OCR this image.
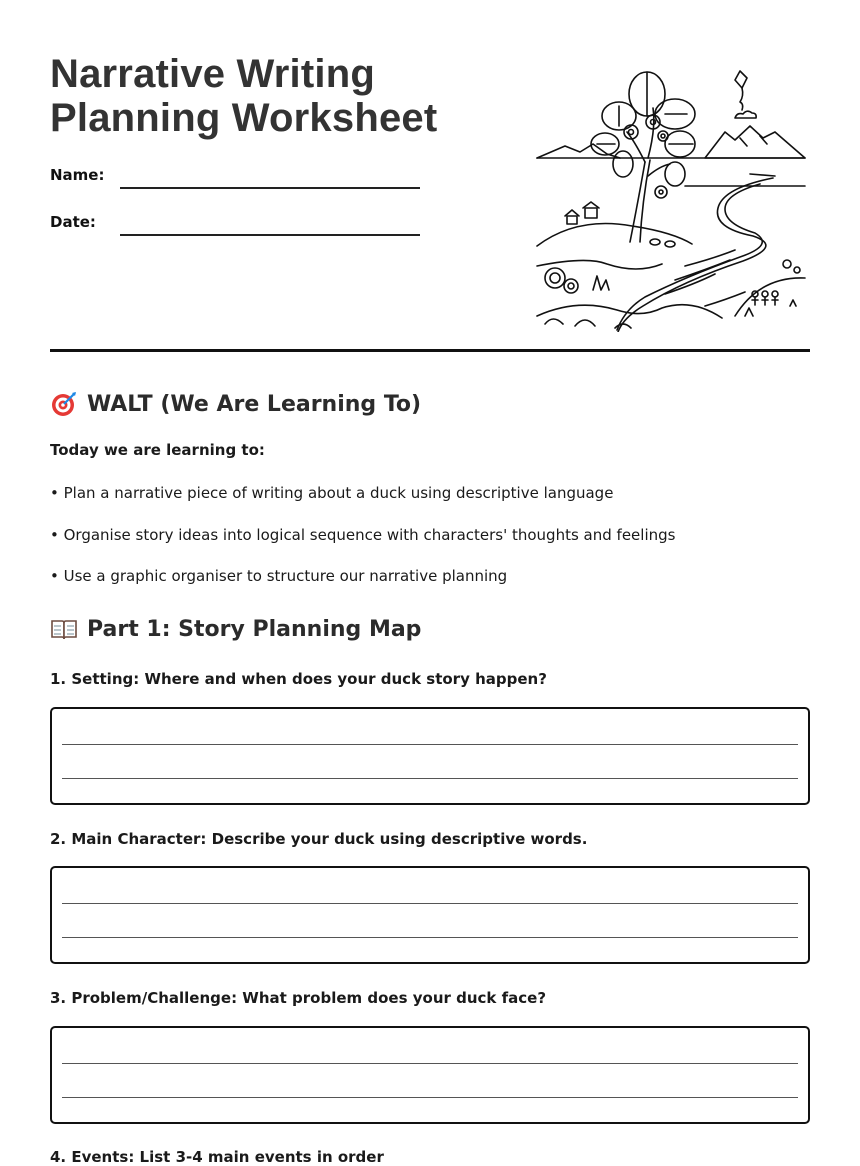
Narrative Writing
Planning Worksheet
Name:
Date:
WALT (We Are Learning To)

Today we are learning to:

• Plan a narrative piece of writing about a duck using descriptive language

• Organise story ideas into logical sequence with characters' thoughts and feelings

• Use a graphic organiser to structure our narrative planning

Part 1: Story Planning Map

1. Setting: Where and when does your duck story happen?

2. Main Character: Describe your duck using descriptive words.

3. Problem/Challenge: What problem does your duck face?

4. Events: List 3-4 main events in order
